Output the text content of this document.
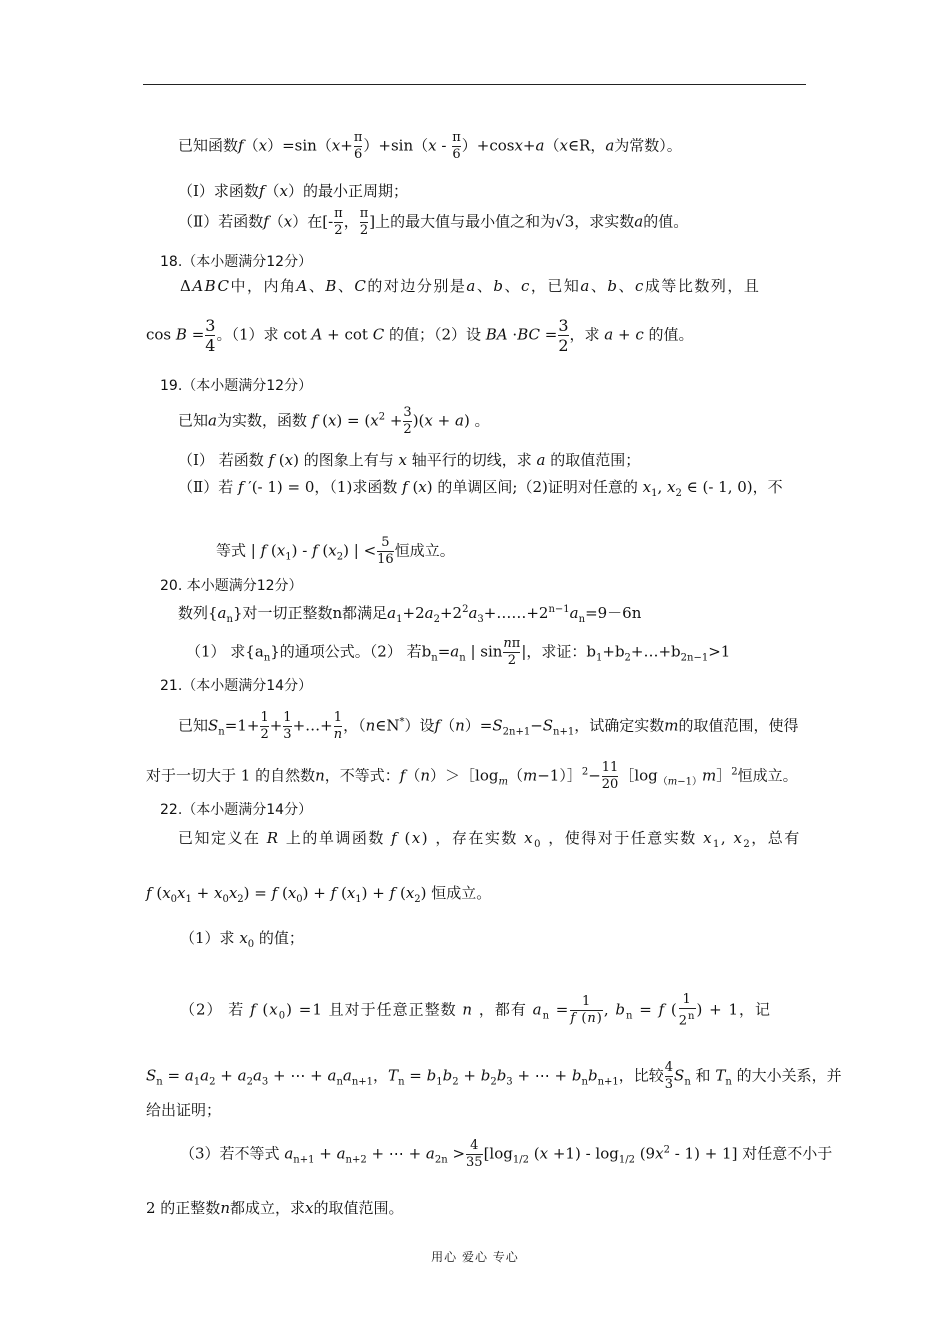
已知函数$f(x)=\sin(x+ \frac{\pi}{6} )+\sin(x - \frac{\pi}{6}$ ）+cosx+a（x∈R，a为常数）。
（Ⅰ）求函数f（x）的最小正周期；
（Ⅱ）若函数f（x）在[- $\frac{\pi}{2}$ ， $\frac{\pi}{2}$ ]上的最大值与最小值之和为√3，求实数a的值。
18.（本小题满分12分）
ΔABC中，内角A、B、C的对边分别是a、b、c，已知a、b、c成等比数列，且
$\cos B = \frac{3}{4}$ 。（1）求 cot A + cot C 的值；（2）设 BA $\cdot BC = \frac{3}{2}$ ，求 a + c 的值。
19.（本小题满分12分）
已知a为实数，函数 f $(x) = (x^2 + \frac{3}{2} )(x + a)$ 。
（Ⅰ） 若函数 f (x) 的图象上有与 x 轴平行的切线，求 a 的取值范围；
（Ⅱ）若 f ′(- 1) = 0，（1)求函数 f (x) 的单调区间;（2)证明对任意的 $x_1$, $x_2$ ∈ (- 1, 0)，不
等式 | f $(x_1)$ - f $(x_2)$ | < $\frac{5}{16}$ 恒成立。
20. 本小题满分12分）
数列$\{a_n\}$对一切正整数n都满足$a_1+2a_2+2^2a_3+\dots\dots+2^{n-1}a_n=9-6n$
（1） 求$\{a_n\}$的通项公式。（2） 若$b_n=a_n$ | $\sin \frac{n\pi}{2}$ |，求证：$b_1+b_2+\dots+b_{2n-1}>1$
21.（本小题满分14分）
已知$S_n=1+ \frac{1}{2} + \frac{1}{3}$ +…+ $\frac{1}{n}$ ，（n∈N*）设$f(n)=S_{2n+1}-S_{n+1}$，试确定实数m的取值范围，使得
对于一切大于 1 的自然数n，不等式：$f(n)>[\log_m(m-1)]^2- \frac{11}{20}$ $[\log_{(m-1)}m]^2$恒成立。
22.（本小题满分14分）
已知定义在 R 上的单调函数 f (x) ，存在实数 $x_0$ ，使得对于任意实数 $x_1$, $x_2$，总有
f $(x_0x_1 + x_0x_2) = f$ $(x_0) + f$ $(x_1) + f$ $(x_2)$ 恒成立。
（1）求 $x_0$ 的值；
（2） 若 f $(x_0) =1$ 且对于任意正整数 n ，都有 $a_n = \frac{1}{f (n)}$ , $b_n = f$ ( $\frac{1}{2^n}$ ) + 1，记
$S_n = a_1a_2 + a_2a_3$ + ⋯ + $a_na_{n+1}$，$T_n = b_1b_2 + b_2b_3$ + ⋯ + $b_nb_{n+1}$，比较 $\frac{4}{3} S_n$ 和 $T_n$ 的大小关系，并
给出证明；
（3）若不等式 $a_{n+1} + a_{n+2}$ + ⋯ + $a_{2n} > \frac{4}{35} [\log_{1/2}$ $(x +1) - \log_{1/2} (9x^2 - 1) + 1$] 对任意不小于
2 的正整数n都成立，求x的取值范围。
用心 爱心 专心
